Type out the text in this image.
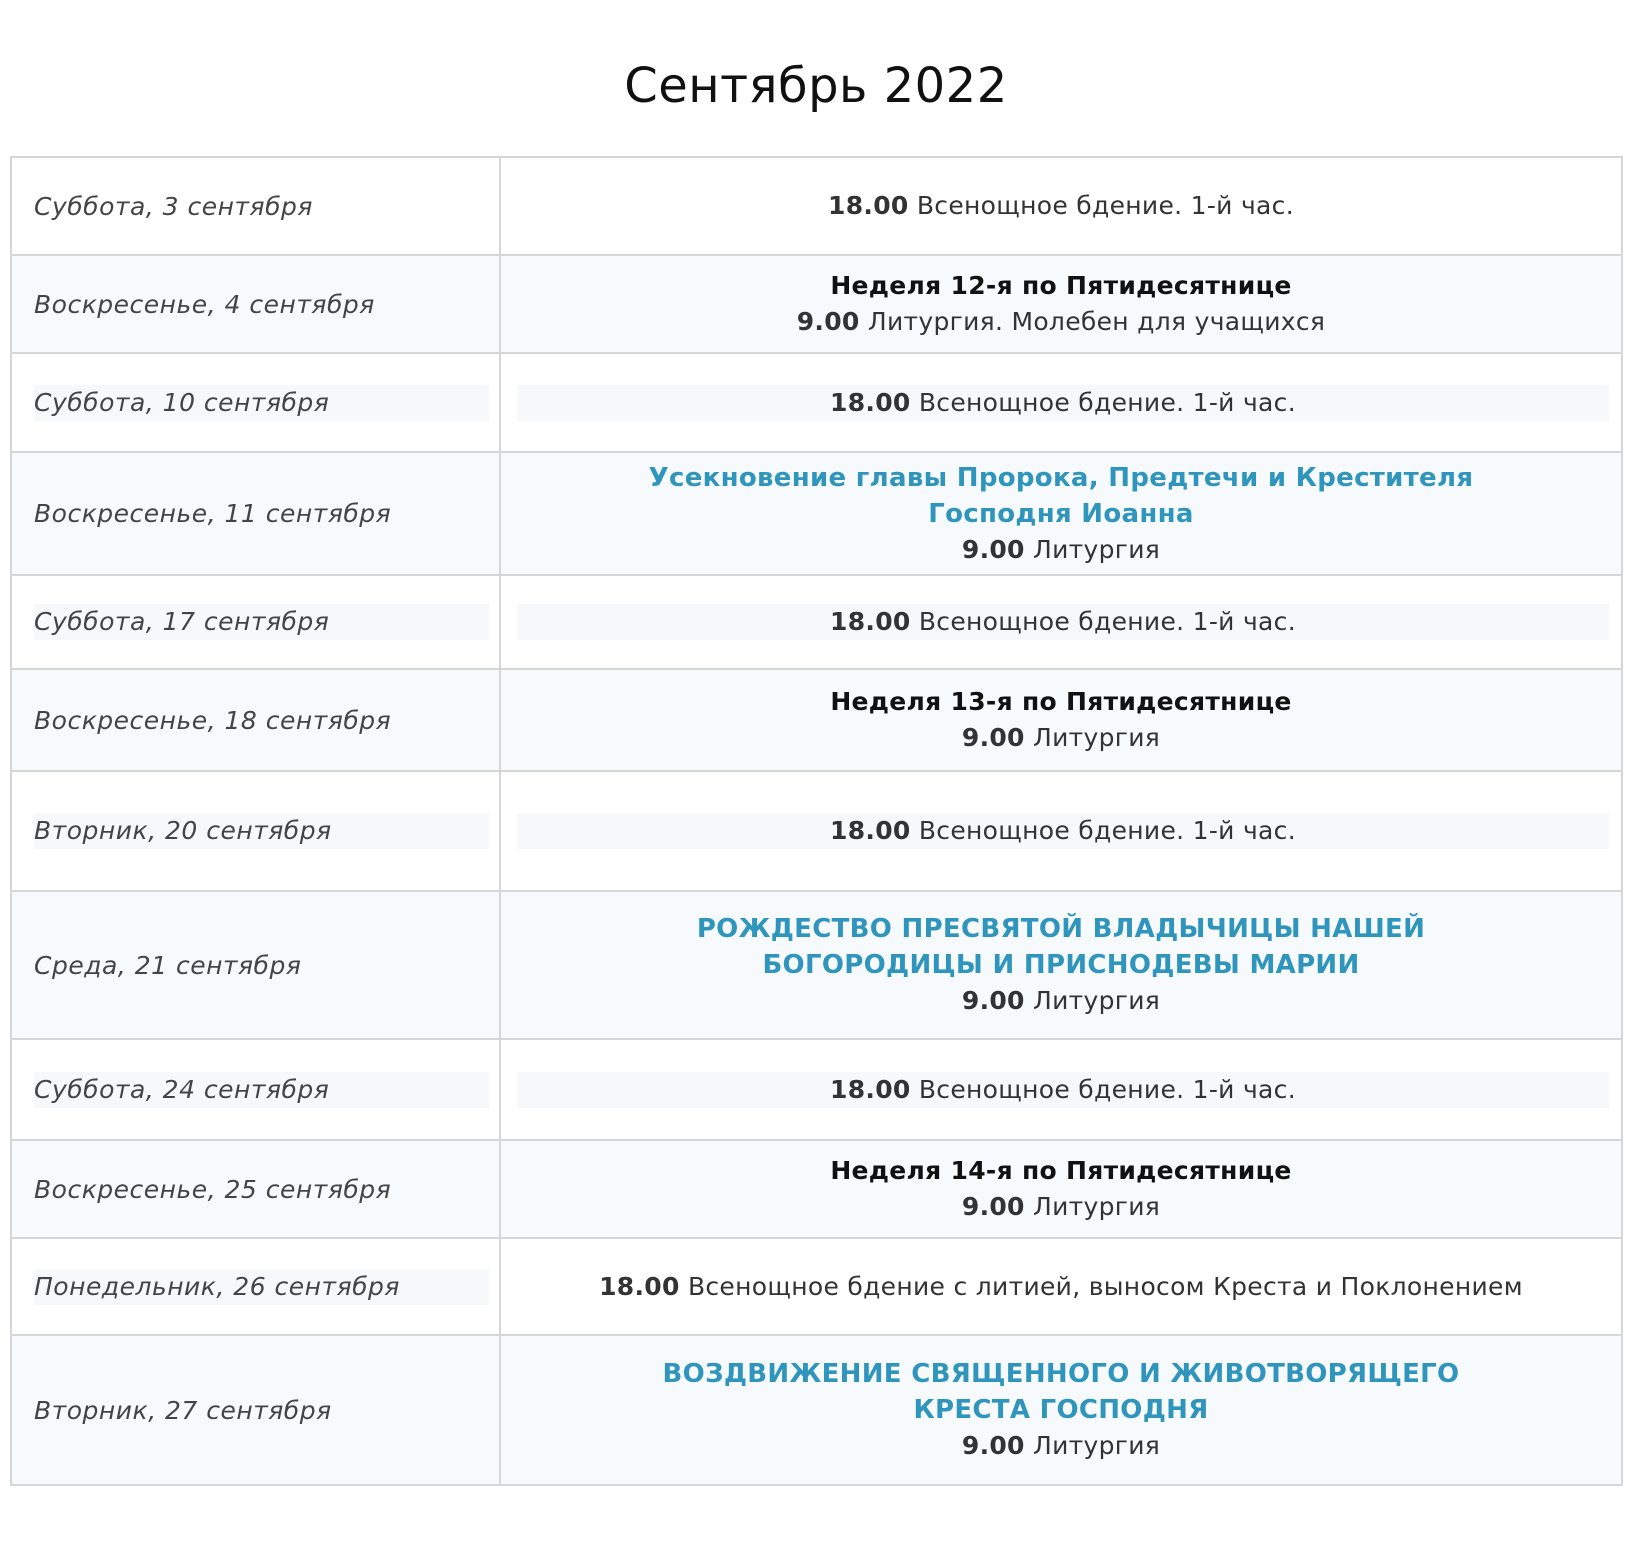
Сентябрь 2022
Суббота, 3 сентября	18.00 Всенощное бдение. 1-й час.

Воскресенье, 4 сентября	Неделя 12-я по Пятидесятнице
9.00 Литургия. Молебен для учащихся

Суббота, 10 сентября	18.00 Всенощное бдение. 1-й час.

Воскресенье, 11 сентября	Усекновение главы Пророка, Предтечи и Крестителя
Господня Иоанна
9.00 Литургия

Суббота, 17 сентября	18.00 Всенощное бдение. 1-й час.

Воскресенье, 18 сентября	Неделя 13-я по Пятидесятнице
9.00 Литургия

Вторник, 20 сентября	18.00 Всенощное бдение. 1-й час.

Среда, 21 сентября	РОЖДЕСТВО ПРЕСВЯТОЙ ВЛАДЫЧИЦЫ НАШЕЙ
БОГОРОДИЦЫ И ПРИСНОДЕВЫ МАРИИ
9.00 Литургия

Суббота, 24 сентября	18.00 Всенощное бдение. 1-й час.

Воскресенье, 25 сентября	Неделя 14-я по Пятидесятнице
9.00 Литургия

Понедельник, 26 сентября	18.00 Всенощное бдение с литией, выносом Креста и Поклонением

Вторник, 27 сентября	ВОЗДВИЖЕНИЕ СВЯЩЕННОГО И ЖИВОТВОРЯЩЕГО
КРЕСТА ГОСПОДНЯ
9.00 Литургия
